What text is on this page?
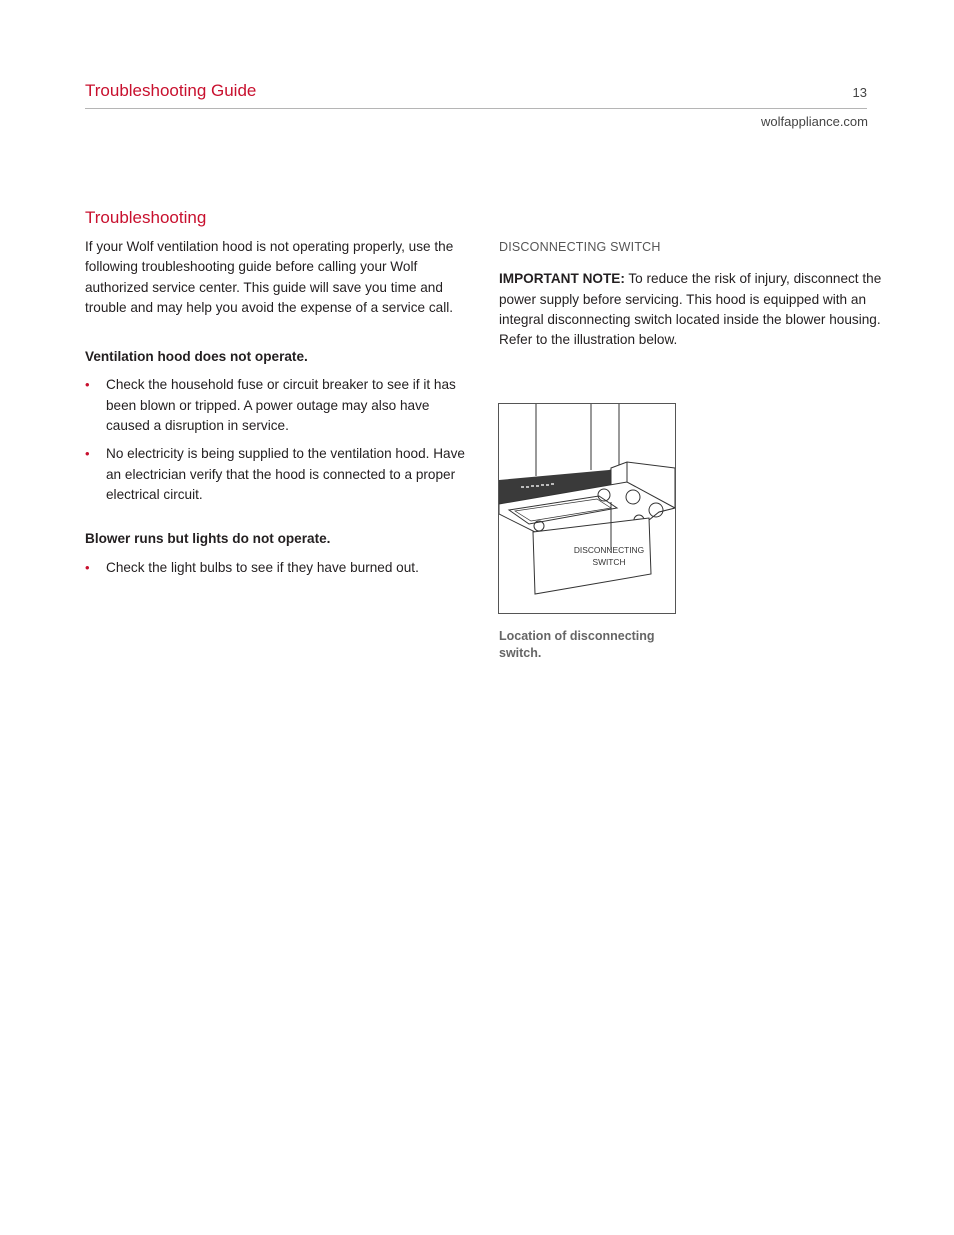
Troubleshooting Guide	13
wolfappliance.com
Troubleshooting

If your Wolf ventilation hood is not operating properly, use the following troubleshooting guide before calling your Wolf authorized service center. This guide will save you time and trouble and may help you avoid the expense of a service call.

Ventilation hood does not operate.

• Check the household fuse or circuit breaker to see if it has been blown or tripped. A power outage may also have caused a disruption in service.
• No electricity is being supplied to the ventilation hood. Have an electrician verify that the hood is connected to a proper electrical circuit.

Blower runs but lights do not operate.

• Check the light bulbs to see if they have burned out.

DISCONNECTING SWITCH

IMPORTANT NOTE: To reduce the risk of injury, disconnect the power supply before servicing. This hood is equipped with an integral disconnecting switch located inside the blower housing. Refer to the illustration below.

DISCONNECTING
SWITCH
Location of disconnecting switch.
